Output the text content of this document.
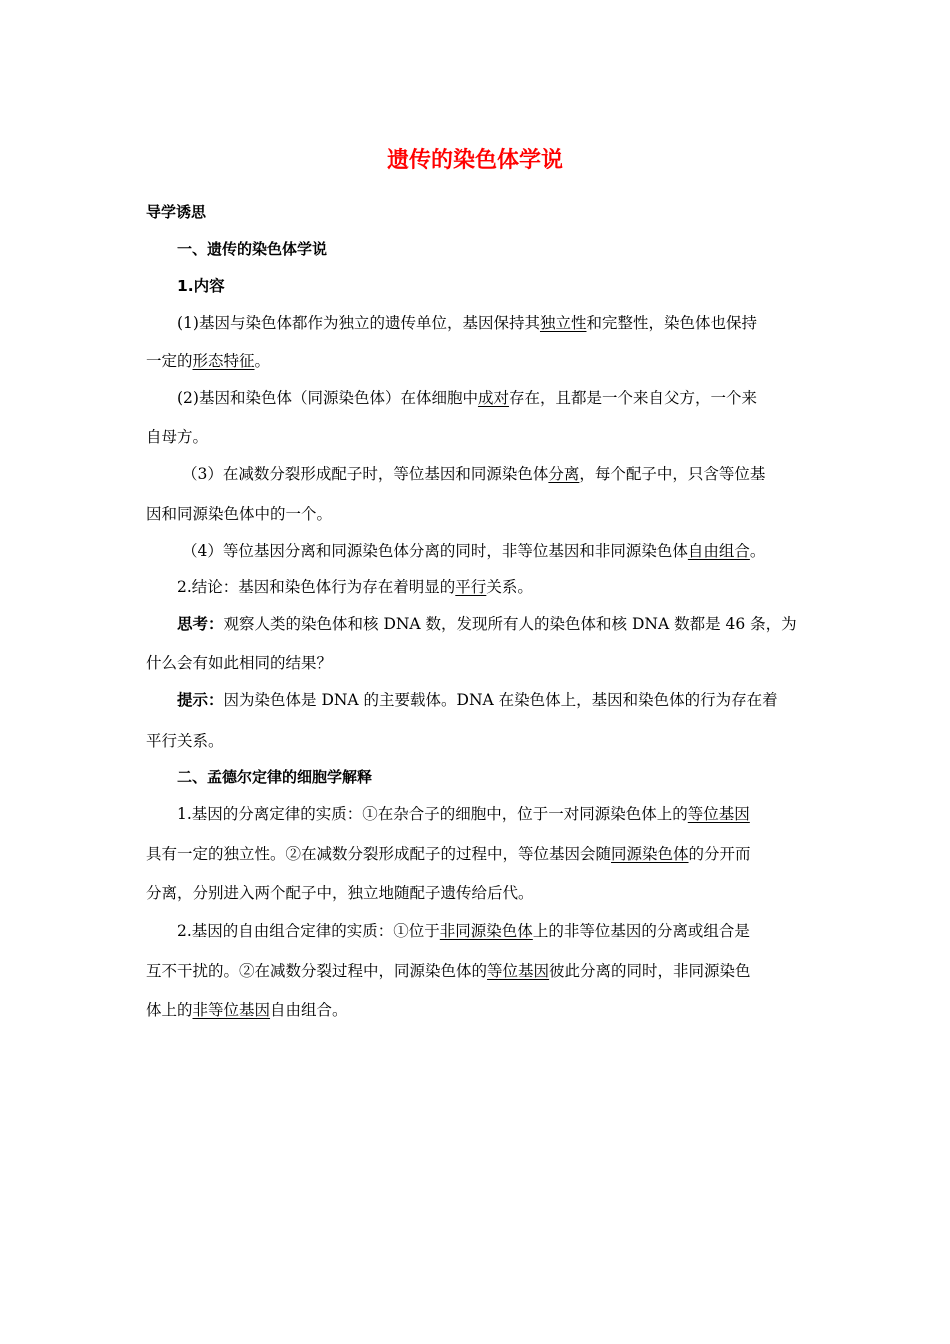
遗传的染色体学说
导学诱思
一、遗传的染色体学说
1.内容
(1)基因与染色体都作为独立的遗传单位，基因保持其独立性和完整性，染色体也保持
一定的形态特征。
(2)基因和染色体（同源染色体）在体细胞中成对存在，且都是一个来自父方，一个来
自母方。
（3）在减数分裂形成配子时，等位基因和同源染色体分离，每个配子中，只含等位基
因和同源染色体中的一个。
（4）等位基因分离和同源染色体分离的同时，非等位基因和非同源染色体自由组合。
2.结论：基因和染色体行为存在着明显的平行关系。
思考：观察人类的染色体和核 DNA 数，发现所有人的染色体和核 DNA 数都是 46 条，为
什么会有如此相同的结果？
提示：因为染色体是 DNA 的主要载体。DNA 在染色体上，基因和染色体的行为存在着
平行关系。
二、孟德尔定律的细胞学解释
1.基因的分离定律的实质：①在杂合子的细胞中，位于一对同源染色体上的等位基因
具有一定的独立性。②在减数分裂形成配子的过程中，等位基因会随同源染色体的分开而
分离，分别进入两个配子中，独立地随配子遗传给后代。
2.基因的自由组合定律的实质：①位于非同源染色体上的非等位基因的分离或组合是
互不干扰的。②在减数分裂过程中，同源染色体的等位基因彼此分离的同时，非同源染色
体上的非等位基因自由组合。
